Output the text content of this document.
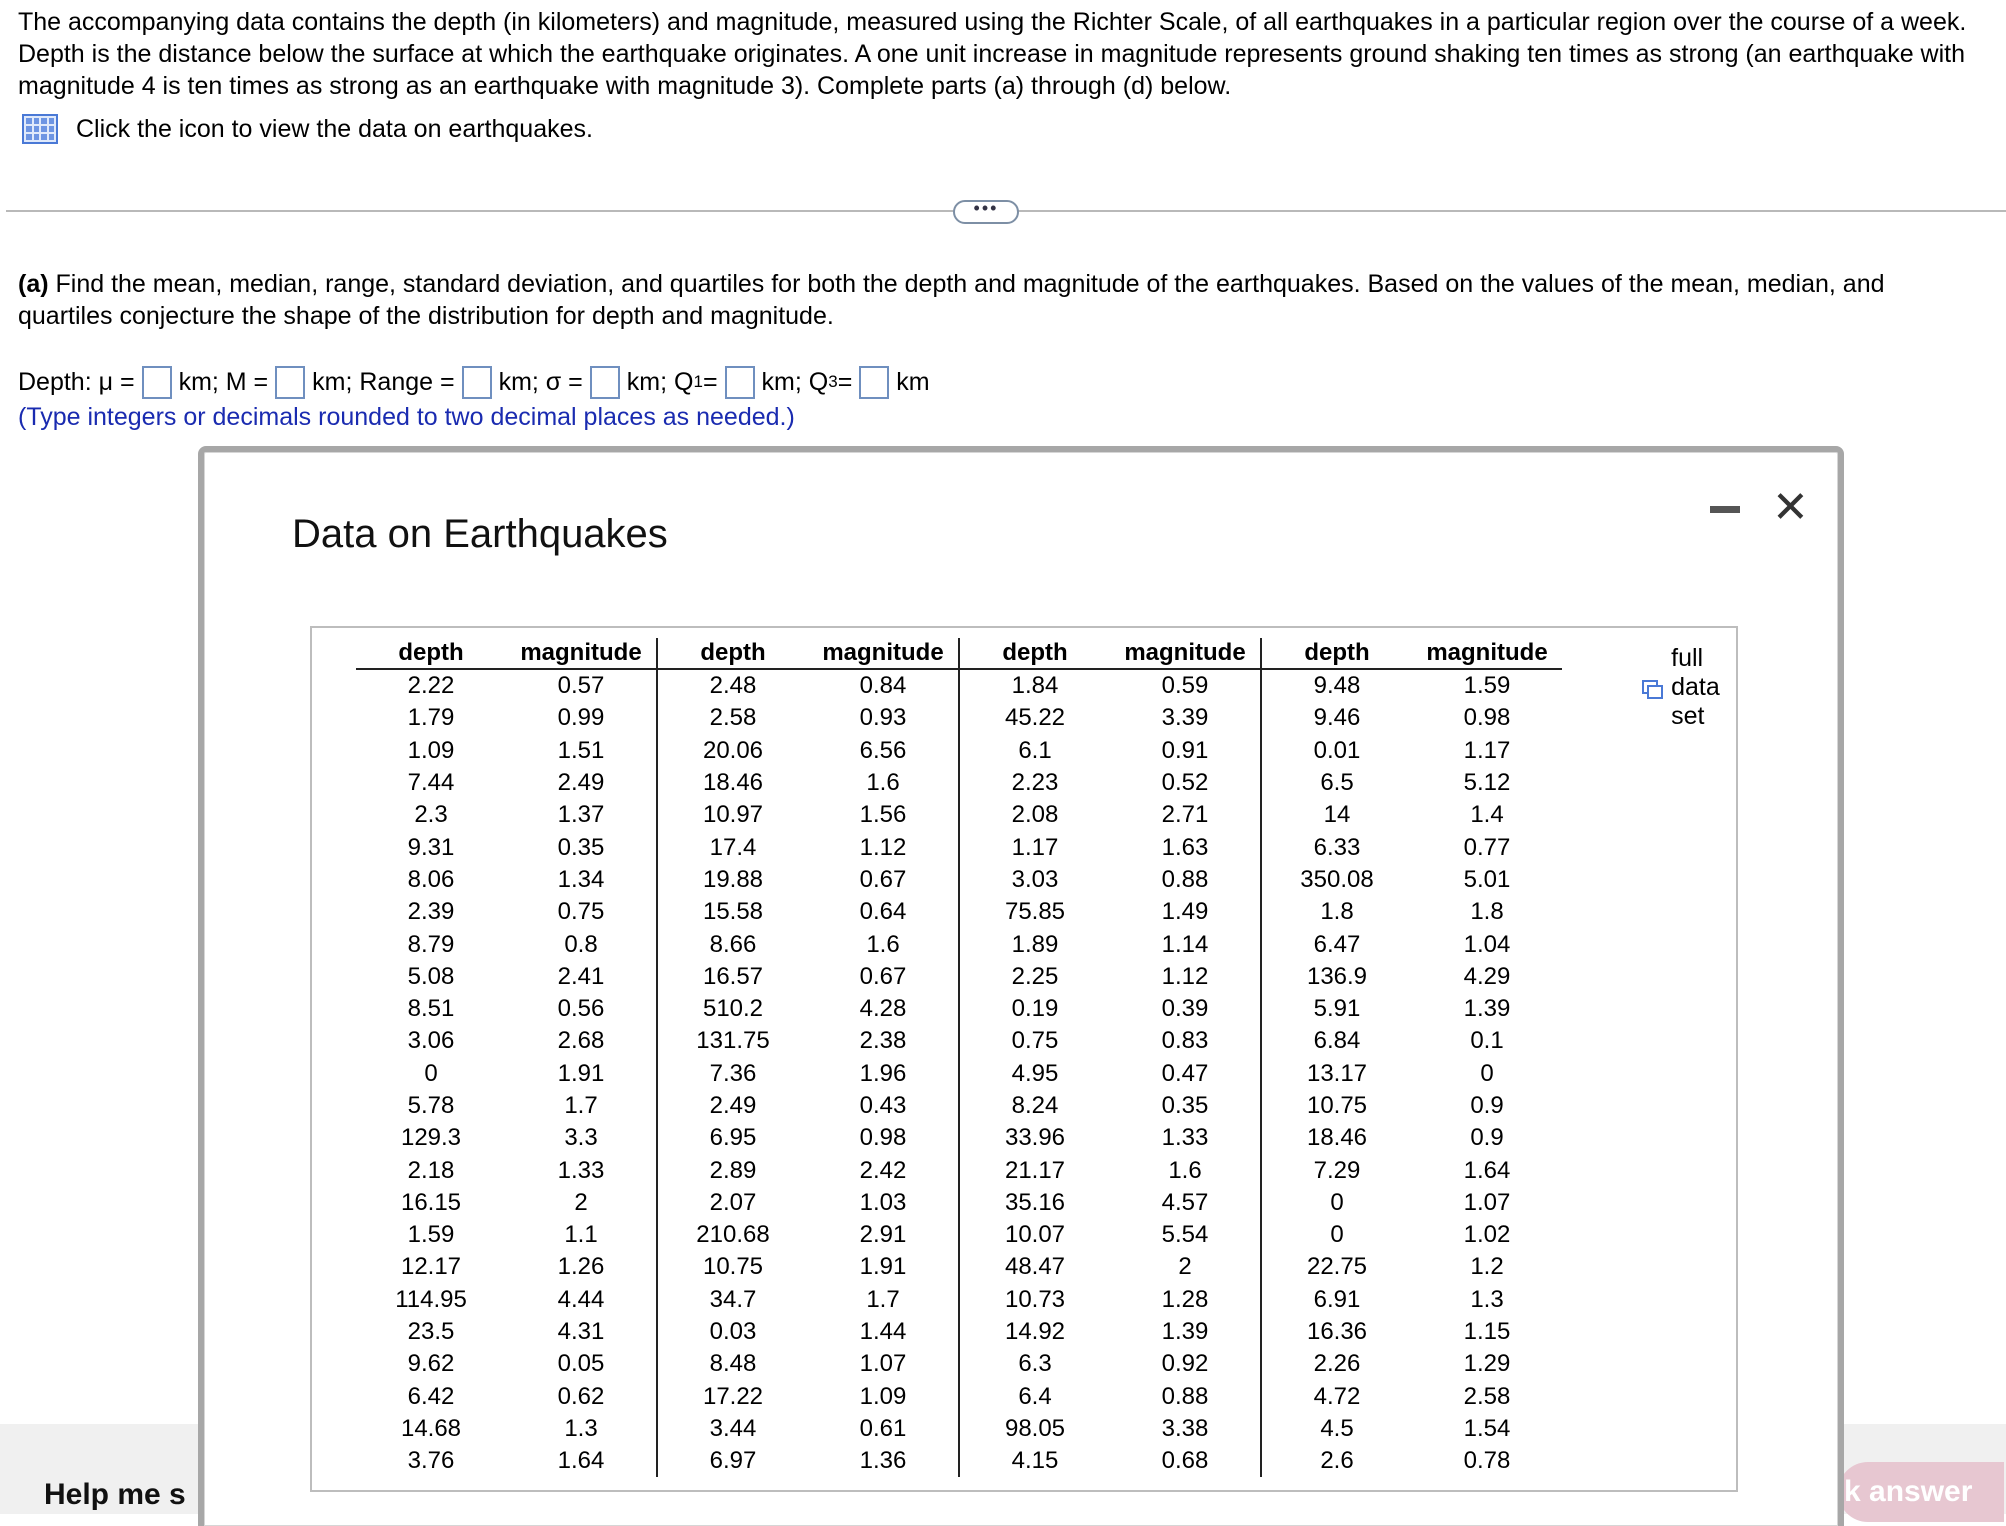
The accompanying data contains the depth (in kilometers) and magnitude, measured using the Richter Scale, of all earthquakes in a particular region over the course of a week. Depth is the distance below the surface at which the earthquake originates. A one unit increase in magnitude represents ground shaking ten times as strong (an earthquake with magnitude 4 is ten times as strong as an earthquake with magnitude 3). Complete parts (a) through (d) below.
Click the icon to view the data on earthquakes.
•••
(a) Find the mean, median, range, standard deviation, and quartiles for both the depth and magnitude of the earthquakes. Based on the values of the mean, median, and quartiles conjecture the shape of the distribution for depth and magnitude.
Depth: μ = km; M = km; Range = km; σ = km; Q 1 = km; Q 3 = km
(Type integers or decimals rounded to two decimal places as needed.)
Help me s	k answer
Data on Earthquakes
✕
depth	magnitude	depth	magnitude	depth	magnitude	depth	magnitude
2.22	0.57	2.48	0.84	1.84	0.59	9.48	1.59
1.79	0.99	2.58	0.93	45.22	3.39	9.46	0.98
1.09	1.51	20.06	6.56	6.1	0.91	0.01	1.17
7.44	2.49	18.46	1.6	2.23	0.52	6.5	5.12
2.3	1.37	10.97	1.56	2.08	2.71	14	1.4
9.31	0.35	17.4	1.12	1.17	1.63	6.33	0.77
8.06	1.34	19.88	0.67	3.03	0.88	350.08	5.01
2.39	0.75	15.58	0.64	75.85	1.49	1.8	1.8
8.79	0.8	8.66	1.6	1.89	1.14	6.47	1.04
5.08	2.41	16.57	0.67	2.25	1.12	136.9	4.29
8.51	0.56	510.2	4.28	0.19	0.39	5.91	1.39
3.06	2.68	131.75	2.38	0.75	0.83	6.84	0.1
0	1.91	7.36	1.96	4.95	0.47	13.17	0
5.78	1.7	2.49	0.43	8.24	0.35	10.75	0.9
129.3	3.3	6.95	0.98	33.96	1.33	18.46	0.9
2.18	1.33	2.89	2.42	21.17	1.6	7.29	1.64
16.15	2	2.07	1.03	35.16	4.57	0	1.07
1.59	1.1	210.68	2.91	10.07	5.54	0	1.02
12.17	1.26	10.75	1.91	48.47	2	22.75	1.2
114.95	4.44	34.7	1.7	10.73	1.28	6.91	1.3
23.5	4.31	0.03	1.44	14.92	1.39	16.36	1.15
9.62	0.05	8.48	1.07	6.3	0.92	2.26	1.29
6.42	0.62	17.22	1.09	6.4	0.88	4.72	2.58
14.68	1.3	3.44	0.61	98.05	3.38	4.5	1.54
3.76	1.64	6.97	1.36	4.15	0.68	2.6	0.78
full data set
